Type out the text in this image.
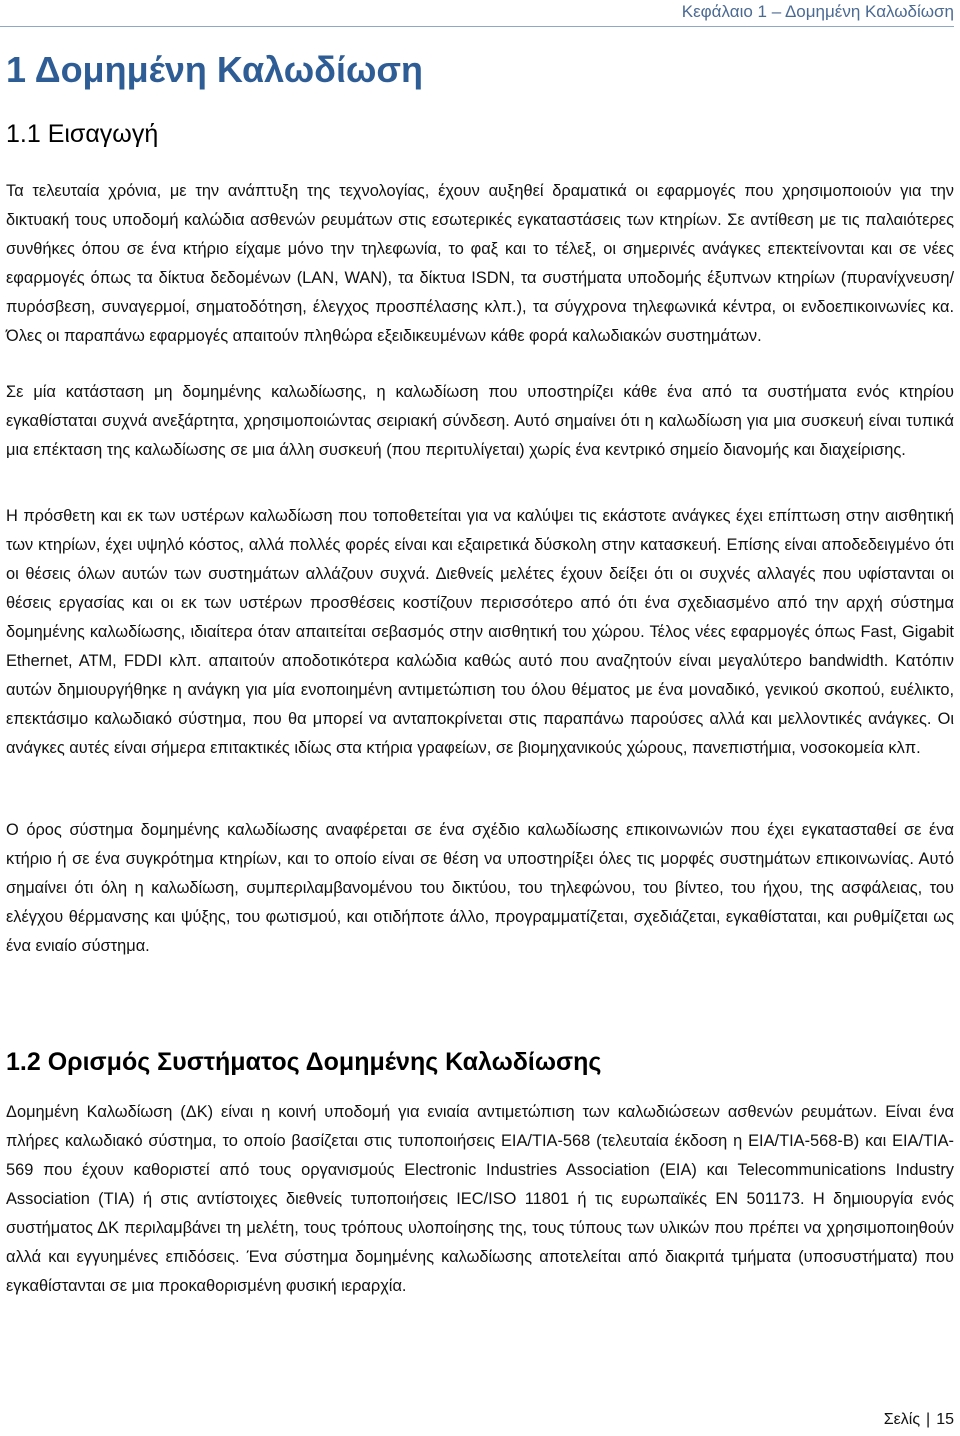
Κεφάλαιο 1 – Δομημένη Καλωδίωση
1 Δομημένη Καλωδίωση
1.1 Εισαγωγή

Τα τελευταία χρόνια, με την ανάπτυξη της τεχνολογίας, έχουν αυξηθεί δραματικά οι εφαρμογές που χρησιμοποιούν για την δικτυακή τους υποδομή καλώδια ασθενών ρευμάτων στις εσωτερικές εγκαταστάσεις των κτηρίων. Σε αντίθεση με τις παλαιότερες συνθήκες όπου σε ένα κτήριο είχαμε μόνο την τηλεφωνία, το φαξ και το τέλεξ, οι σημερινές ανάγκες επεκτείνονται και σε νέες εφαρμογές όπως τα δίκτυα δεδομένων (LAN, WAN), τα δίκτυα ISDN, τα συστήματα υποδομής έξυπνων κτηρίων (πυρανίχνευση/πυρόσβεση, συναγερμοί, σηματοδότηση, έλεγχος προσπέλασης κλπ.), τα σύγχρονα τηλεφωνικά κέντρα, οι ενδοεπικοινωνίες κα. Όλες οι παραπάνω εφαρμογές απαιτούν πληθώρα εξειδικευμένων κάθε φορά καλωδιακών συστημάτων.

Σε μία κατάσταση μη δομημένης καλωδίωσης, η καλωδίωση που υποστηρίζει κάθε ένα από τα συστήματα ενός κτηρίου εγκαθίσταται συχνά ανεξάρτητα, χρησιμοποιώντας σειριακή σύνδεση. Αυτό σημαίνει ότι η καλωδίωση για μια συσκευή είναι τυπικά μια επέκταση της καλωδίωσης σε μια άλλη συσκευή (που περιτυλίγεται) χωρίς ένα κεντρικό σημείο διανομής και διαχείρισης.

Η πρόσθετη και εκ των υστέρων καλωδίωση που τοποθετείται για να καλύψει τις εκάστοτε ανάγκες έχει επίπτωση στην αισθητική των κτηρίων, έχει υψηλό κόστος, αλλά πολλές φορές είναι και εξαιρετικά δύσκολη στην κατασκευή. Επίσης είναι αποδεδειγμένο ότι οι θέσεις όλων αυτών των συστημάτων αλλάζουν συχνά. Διεθνείς μελέτες έχουν δείξει ότι οι συχνές αλλαγές που υφίστανται οι θέσεις εργασίας και οι εκ των υστέρων προσθέσεις κοστίζουν περισσότερο από ότι ένα σχεδιασμένο από την αρχή σύστημα δομημένης καλωδίωσης, ιδιαίτερα όταν απαιτείται σεβασμός στην αισθητική του χώρου. Τέλος νέες εφαρμογές όπως Fast, Gigabit Ethernet, ATM, FDDI κλπ. απαιτούν αποδοτικότερα καλώδια καθώς αυτό που αναζητούν είναι μεγαλύτερο bandwidth. Κατόπιν αυτών δημιουργήθηκε η ανάγκη για μία ενοποιημένη αντιμετώπιση του όλου θέματος με ένα μοναδικό, γενικού σκοπού, ευέλικτο, επεκτάσιμο καλωδιακό σύστημα, που θα μπορεί να ανταποκρίνεται στις παραπάνω παρούσες αλλά και μελλοντικές ανάγκες. Οι ανάγκες αυτές είναι σήμερα επιτακτικές ιδίως στα κτήρια γραφείων, σε βιομηχανικούς χώρους, πανεπιστήμια, νοσοκομεία κλπ.

Ο όρος σύστημα δομημένης καλωδίωσης αναφέρεται σε ένα σχέδιο καλωδίωσης επικοινωνιών που έχει εγκατασταθεί σε ένα κτήριο ή σε ένα συγκρότημα κτηρίων, και το οποίο είναι σε θέση να υποστηρίξει όλες τις μορφές συστημάτων επικοινωνίας. Αυτό σημαίνει ότι όλη η καλωδίωση, συμπεριλαμβανομένου του δικτύου, του τηλεφώνου, του βίντεο, του ήχου, της ασφάλειας, του ελέγχου θέρμανσης και ψύξης, του φωτισμού, και οτιδήποτε άλλο, προγραμματίζεται, σχεδιάζεται, εγκαθίσταται, και ρυθμίζεται ως ένα ενιαίο σύστημα.

1.2 Ορισμός Συστήματος Δομημένης Καλωδίωσης

Δομημένη Καλωδίωση (ΔΚ) είναι η κοινή υποδομή για ενιαία αντιμετώπιση των καλωδιώσεων ασθενών ρευμάτων. Είναι ένα πλήρες καλωδιακό σύστημα, το οποίο βασίζεται στις τυποποιήσεις EIA/TIA-568 (τελευταία έκδοση η EIA/TIA-568-B) και EIA/TIA-569 που έχουν καθοριστεί από τους οργανισμούς Electronic Industries Association (EIA) και Telecommunications Industry Association (TIA) ή στις αντίστοιχες διεθνείς τυποποιήσεις IEC/ISO 11801 ή τις ευρωπαϊκές EN 501173. Η δημιουργία ενός συστήματος ΔΚ περιλαμβάνει τη μελέτη, τους τρόπους υλοποίησης της, τους τύπους των υλικών που πρέπει να χρησιμοποιηθούν αλλά και εγγυημένες επιδόσεις. Ένα σύστημα δομημένης καλωδίωσης αποτελείται από διακριτά τμήματα (υποσυστήματα) που εγκαθίστανται σε μια προκαθορισμένη φυσική ιεραρχία.

Σελίς | 15
